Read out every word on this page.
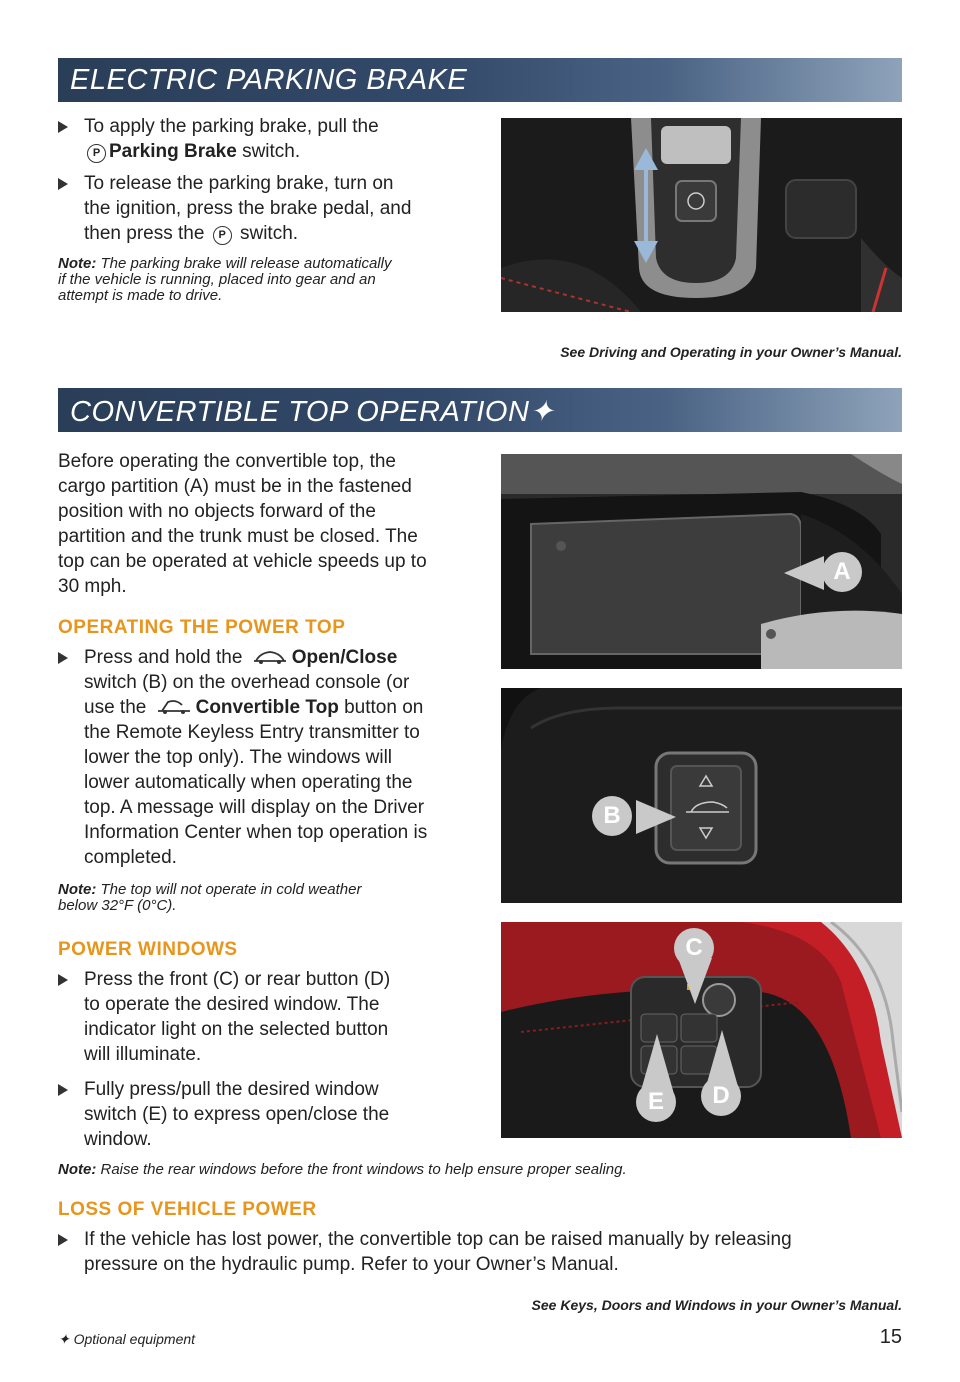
ELECTRIC PARKING BRAKE
To apply the parking brake, pull the
P Parking Brake switch.
To release the parking brake, turn on
the ignition, press the brake pedal, and
then press the P switch.
Note: The parking brake will release automatically
if the vehicle is running, placed into gear and an
attempt is made to drive.
See Driving and Operating in your Owner’s Manual.
CONVERTIBLE TOP OPERATION✦
Before operating the convertible top, the
cargo partition (A) must be in the fastened
position with no objects forward of the
partition and the trunk must be closed. The
top can be operated at vehicle speeds up to
30 mph.
OPERATING THE POWER TOP
Press and hold the Open/Close
switch (B) on the overhead console (or
use the Convertible Top button on
the Remote Keyless Entry transmitter to
lower the top only). The windows will
lower automatically when operating the
top. A message will display on the Driver
Information Center when top operation is
completed.
Note: The top will not operate in cold weather
below 32°F (0°C).
POWER WINDOWS
Press the front (C) or rear button (D)
to operate the desired window. The
indicator light on the selected button
will illuminate.
Fully press/pull the desired window
switch (E) to express open/close the
window.
Note: Raise the rear windows before the front windows to help ensure proper sealing.
LOSS OF VEHICLE POWER
If the vehicle has lost power, the convertible top can be raised manually by releasing
pressure on the hydraulic pump. Refer to your Owner’s Manual.
See Keys, Doors and Windows in your Owner’s Manual.
A
B
C
E	D
✦ Optional equipment	15
